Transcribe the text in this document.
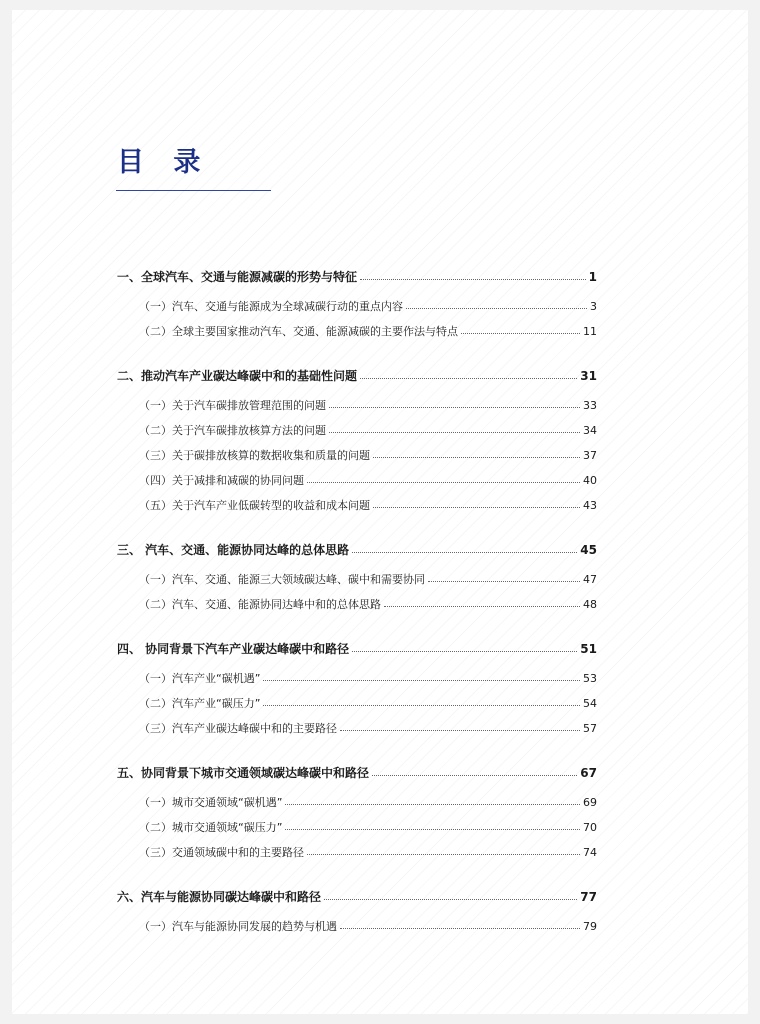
目 录
一、全球汽车、交通与能源减碳的形势与特征	1
（一）汽车、交通与能源成为全球减碳行动的重点内容	3
（二）全球主要国家推动汽车、交通、能源减碳的主要作法与特点	11
二、推动汽车产业碳达峰碳中和的基础性问题	31
（一）关于汽车碳排放管理范围的问题	33
（二）关于汽车碳排放核算方法的问题	34
（三）关于碳排放核算的数据收集和质量的问题	37
（四）关于减排和减碳的协同问题	40
（五）关于汽车产业低碳转型的收益和成本问题	43
三、 汽车、交通、能源协同达峰的总体思路	45
（一）汽车、交通、能源三大领域碳达峰、碳中和需要协同	47
（二）汽车、交通、能源协同达峰中和的总体思路	48
四、 协同背景下汽车产业碳达峰碳中和路径	51
（一）汽车产业“碳机遇”	53
（二）汽车产业“碳压力”	54
（三）汽车产业碳达峰碳中和的主要路径	57
五、协同背景下城市交通领域碳达峰碳中和路径	67
（一）城市交通领域“碳机遇”	69
（二）城市交通领域“碳压力”	70
（三）交通领域碳中和的主要路径	74
六、汽车与能源协同碳达峰碳中和路径	77
（一）汽车与能源协同发展的趋势与机遇	79
